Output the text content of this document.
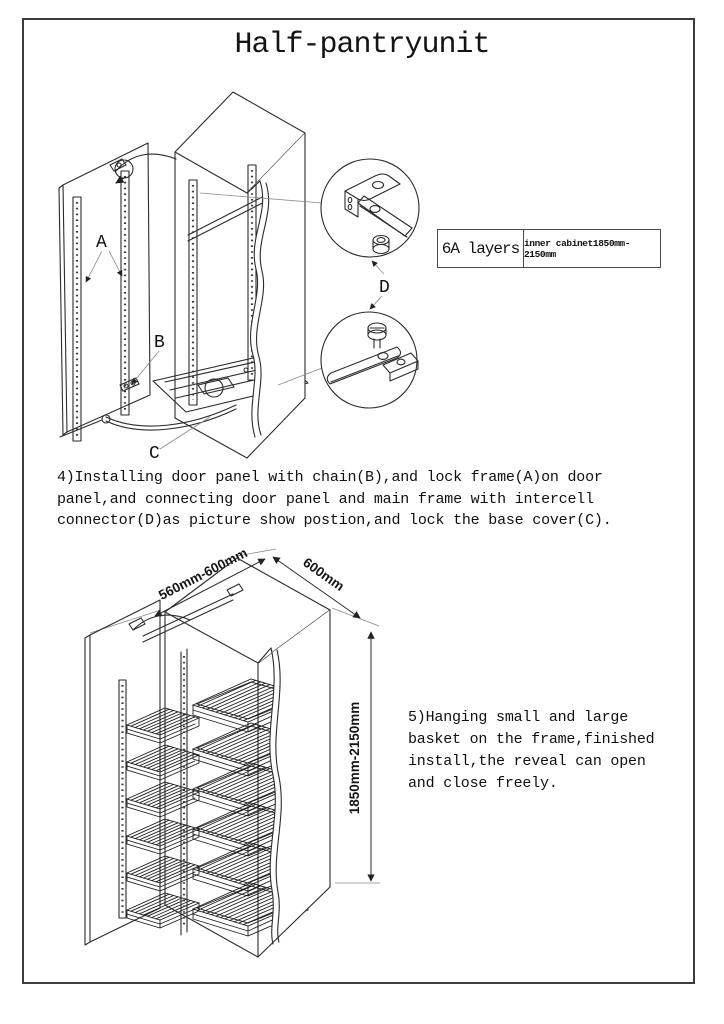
Half-pantryunit
A
B
C
D
6A layers inner cabinet1850mm-2150mm
4)Installing door panel with chain(B),and lock frame(A)on door
panel,and connecting door panel and main frame with intercell
connector(D)as picture show postion,and lock the base cover(C).
560mm-600mm	600mm
1850mm-2150mm	5)Hanging small and large
basket on the frame,finished
install,the reveal can open
and close freely.
